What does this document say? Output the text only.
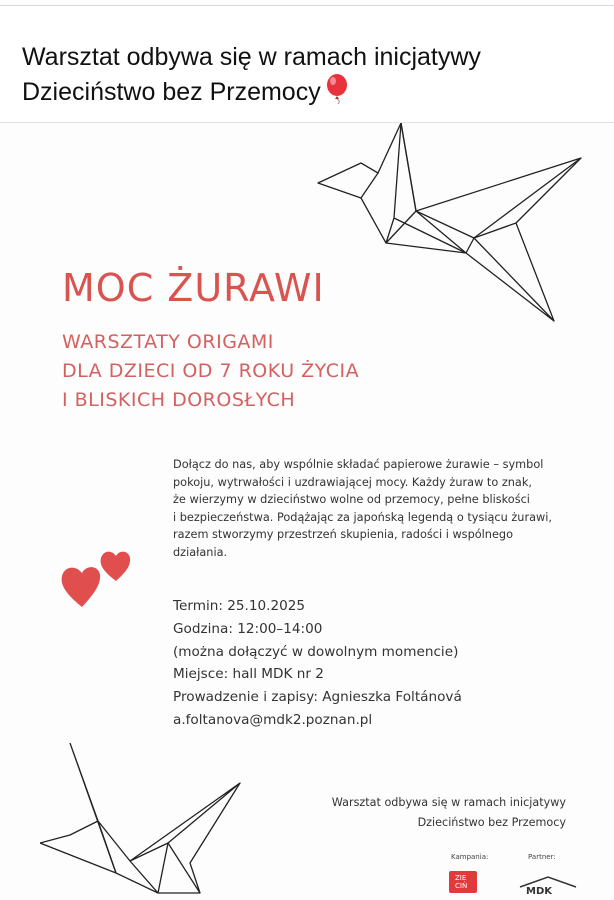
Warsztat odbywa się w ramach inicjatywy
Dzieciństwo bez Przemocy
MOC ŻURAWI
WARSZTATY ORIGAMI
DLA DZIECI OD 7 ROKU ŻYCIA
I BLISKICH DOROSŁYCH
Dołącz do nas, aby wspólnie składać papierowe żurawie – symbol
pokoju, wytrwałości i uzdrawiającej mocy. Każdy żuraw to znak,
że wierzymy w dzieciństwo wolne od przemocy, pełne bliskości
i bezpieczeństwa. Podążając za japońską legendą o tysiącu żurawi,
razem stworzymy przestrzeń skupienia, radości i wspólnego
działania.
Termin: 25.10.2025
Godzina: 12:00–14:00
(można dołączyć w dowolnym momencie)
Miejsce: hall MDK nr 2
Prowadzenie i zapisy: Agnieszka Foltánová
a.foltanova@mdk2.poznan.pl
Warsztat odbywa się w ramach inicjatywy
Dzieciństwo bez Przemocy
Kampania:	Partner:
ZIE
CIŃ	MDK
